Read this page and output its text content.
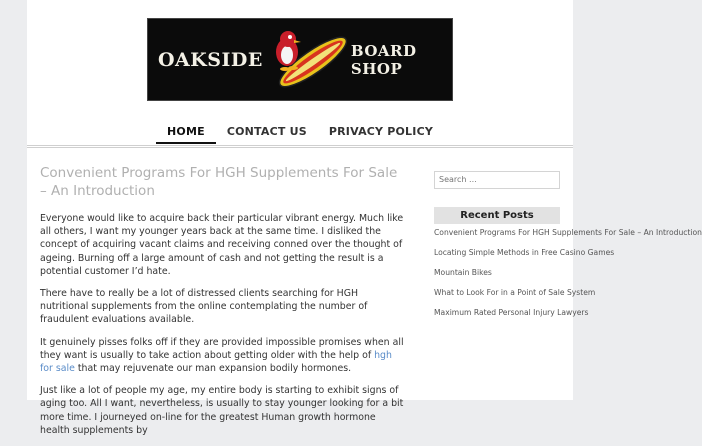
OAKSIDE	BOARD SHOP
HOME	CONTACT US	PRIVACY POLICY
Convenient Programs For HGH Supplements For Sale – An Introduction

Everyone would like to acquire back their particular vibrant energy. Much like all others, I want my younger years back at the same time. I disliked the concept of acquiring vacant claims and receiving conned over the thought of ageing. Burning off a large amount of cash and not getting the result is a potential customer I’d hate.

There have to really be a lot of distressed clients searching for HGH nutritional supplements from the online contemplating the number of fraudulent evaluations available.

It genuinely pisses folks off if they are provided impossible promises when all they want is usually to take action about getting older with the help of hgh for sale that may rejuvenate our man expansion bodily hormones.

Just like a lot of people my age, my entire body is starting to exhibit signs of aging too. All I want, nevertheless, is usually to stay younger looking for a bit more time. I journeyed on-line for the greatest Human growth hormone health supplements by

Search ...
Recent Posts
Convenient Programs For HGH Supplements For Sale – An Introduction
Locating Simple Methods in Free Casino Games
Mountain Bikes
What to Look For in a Point of Sale System
Maximum Rated Personal Injury Lawyers
